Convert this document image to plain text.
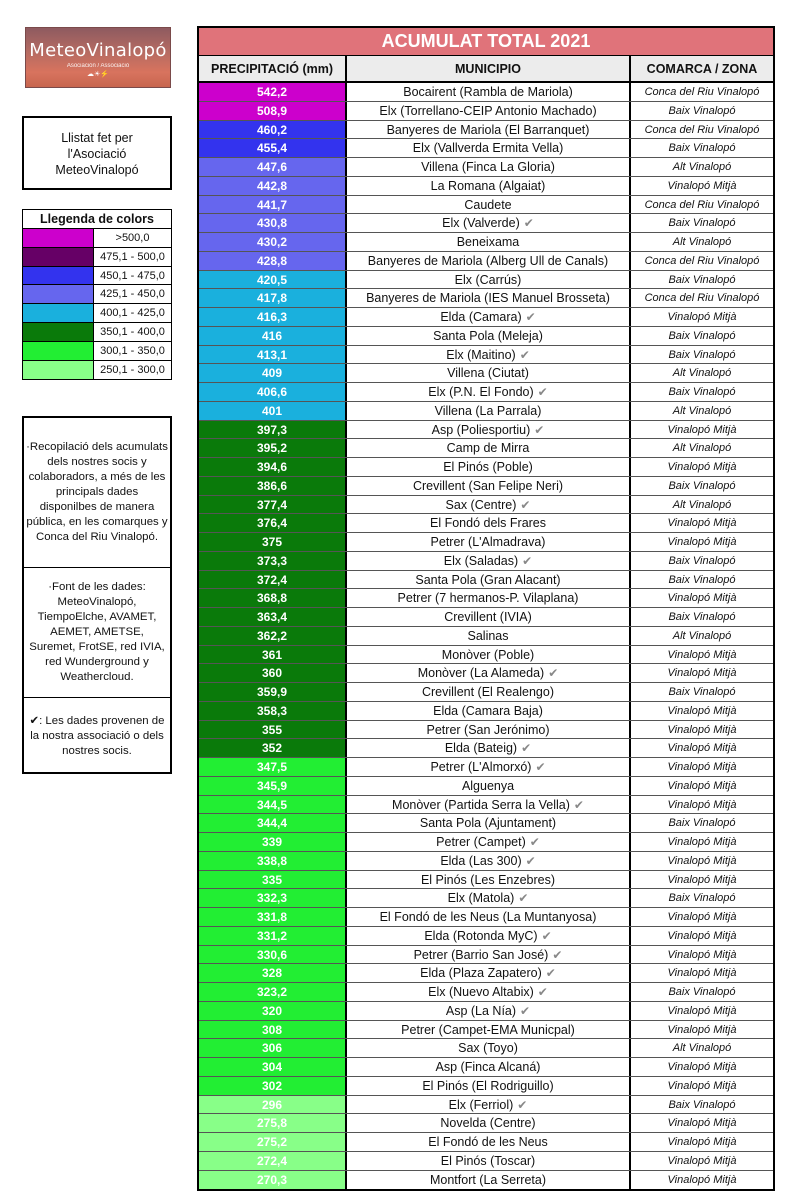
MeteoVinalopó
Asociación / Associació
☁☀⚡
Llistat fet per
l'Asociació
MeteoVinalopó
Llegenda de colors
>500,0
475,1 - 500,0
450,1 - 475,0
425,1 - 450,0
400,1 - 425,0
350,1 - 400,0
300,1 - 350,0
250,1 - 300,0
·Recopilació dels acumulats dels nostres socis y colaboradors, a més de les principals dades disponilbes de manera pública, en les comarques y Conca del Riu Vinalopó.
·Font de les dades: MeteoVinalopó, TiempoElche, AVAMET, AEMET, AMETSE, Suremet, FrotSE, red IVIA, red Wunderground y Weathercloud.
✔: Les dades provenen de la nostra associació o dels nostres socis.
ACUMULAT TOTAL 2021
PRECIPITACIÓ (mm)	MUNICIPIO	COMARCA / ZONA
542,2	Bocairent (Rambla de Mariola)	Conca del Riu Vinalopó
508,9	Elx (Torrellano-CEIP Antonio Machado)	Baix Vinalopó
460,2	Banyeres de Mariola (El Barranquet)	Conca del Riu Vinalopó
455,4	Elx (Vallverda Ermita Vella)	Baix Vinalopó
447,6	Villena (Finca La Gloria)	Alt Vinalopó
442,8	La Romana (Algaiat)	Vinalopó Mitjà
441,7	Caudete	Conca del Riu Vinalopó
430,8	Elx (Valverde) ✔	Baix Vinalopó
430,2	Beneixama	Alt Vinalopó
428,8	Banyeres de Mariola (Alberg Ull de Canals)	Conca del Riu Vinalopó
420,5	Elx (Carrús)	Baix Vinalopó
417,8	Banyeres de Mariola (IES Manuel Brosseta)	Conca del Riu Vinalopó
416,3	Elda (Camara) ✔	Vinalopó Mitjà
416	Santa Pola (Meleja)	Baix Vinalopó
413,1	Elx (Maitino) ✔	Baix Vinalopó
409	Villena (Ciutat)	Alt Vinalopó
406,6	Elx (P.N. El Fondo) ✔	Baix Vinalopó
401	Villena (La Parrala)	Alt Vinalopó
397,3	Asp (Poliesportiu) ✔	Vinalopó Mitjà
395,2	Camp de Mirra	Alt Vinalopó
394,6	El Pinós (Poble)	Vinalopó Mitjà
386,6	Crevillent (San Felipe Neri)	Baix Vinalopó
377,4	Sax (Centre) ✔	Alt Vinalopó
376,4	El Fondó dels Frares	Vinalopó Mitjà
375	Petrer (L'Almadrava)	Vinalopó Mitjà
373,3	Elx (Saladas) ✔	Baix Vinalopó
372,4	Santa Pola (Gran Alacant)	Baix Vinalopó
368,8	Petrer (7 hermanos-P. Vilaplana)	Vinalopó Mitjà
363,4	Crevillent (IVIA)	Baix Vinalopó
362,2	Salinas	Alt Vinalopó
361	Monòver (Poble)	Vinalopó Mitjà
360	Monòver (La Alameda) ✔	Vinalopó Mitjà
359,9	Crevillent (El Realengo)	Baix Vinalopó
358,3	Elda (Camara Baja)	Vinalopó Mitjà
355	Petrer (San Jerónimo)	Vinalopó Mitjà
352	Elda (Bateig) ✔	Vinalopó Mitjà
347,5	Petrer (L'Almorxó) ✔	Vinalopó Mitjà
345,9	Alguenya	Vinalopó Mitjà
344,5	Monòver (Partida Serra la Vella) ✔	Vinalopó Mitjà
344,4	Santa Pola (Ajuntament)	Baix Vinalopó
339	Petrer (Campet) ✔	Vinalopó Mitjà
338,8	Elda (Las 300) ✔	Vinalopó Mitjà
335	El Pinós (Les Enzebres)	Vinalopó Mitjà
332,3	Elx (Matola) ✔	Baix Vinalopó
331,8	El Fondó de les Neus (La Muntanyosa)	Vinalopó Mitjà
331,2	Elda (Rotonda MyC) ✔	Vinalopó Mitjà
330,6	Petrer (Barrio San José) ✔	Vinalopó Mitjà
328	Elda (Plaza Zapatero) ✔	Vinalopó Mitjà
323,2	Elx (Nuevo Altabix) ✔	Baix Vinalopó
320	Asp (La Nía) ✔	Vinalopó Mitjà
308	Petrer (Campet-EMA Municpal)	Vinalopó Mitjà
306	Sax (Toyo)	Alt Vinalopó
304	Asp (Finca Alcaná)	Vinalopó Mitjà
302	El Pinós (El Rodriguillo)	Vinalopó Mitjà
296	Elx (Ferriol) ✔	Baix Vinalopó
275,8	Novelda (Centre)	Vinalopó Mitjà
275,2	El Fondó de les Neus	Vinalopó Mitjà
272,4	El Pinós (Toscar)	Vinalopó Mitjà
270,3	Montfort (La Serreta)	Vinalopó Mitjà
